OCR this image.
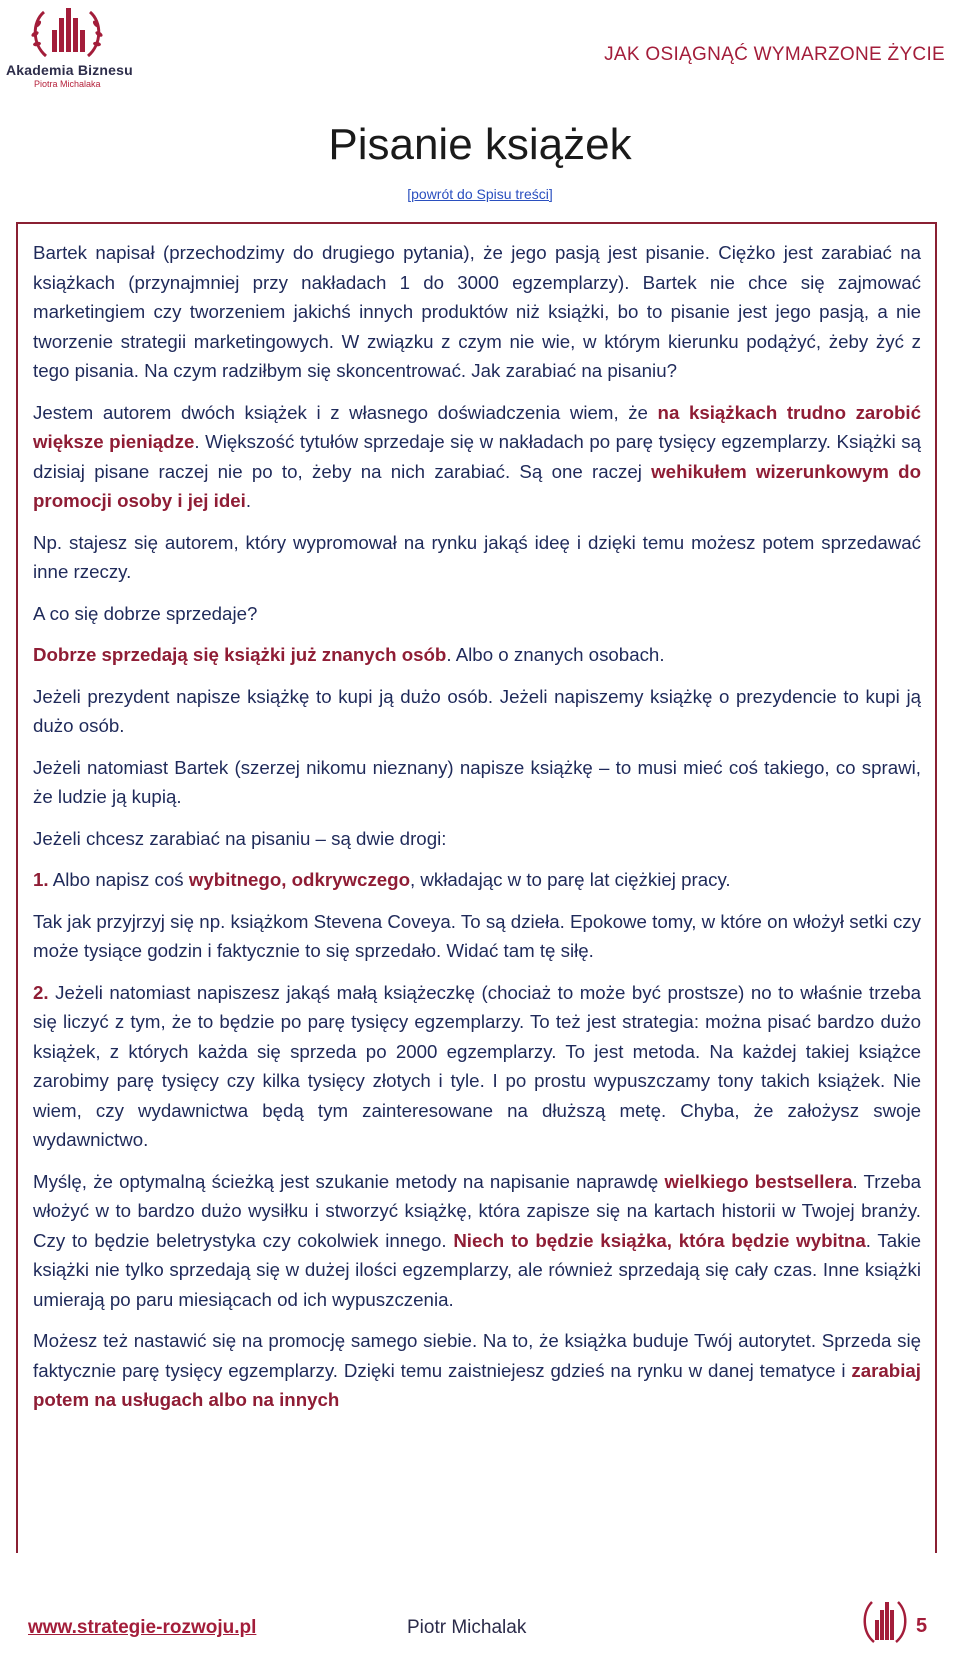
Akademia Biznesu
Piotra Michalaka
JAK OSIĄGNĄĆ WYMARZONE ŻYCIE
Pisanie książek
[powrót do Spisu treści]

Bartek napisał (przechodzimy do drugiego pytania), że jego pasją jest pisanie. Ciężko jest zarabiać na książkach (przynajmniej przy nakładach 1 do 3000 egzemplarzy). Bartek nie chce się zajmować marketingiem czy tworzeniem jakichś innych produktów niż książki, bo to pisanie jest jego pasją, a nie tworzenie strategii marketingowych. W związku z czym nie wie, w którym kierunku podążyć, żeby żyć z tego pisania. Na czym radziłbym się skoncentrować. Jak zarabiać na pisaniu?

Jestem autorem dwóch książek i z własnego doświadczenia wiem, że na książkach trudno zarobić większe pieniądze. Większość tytułów sprzedaje się w nakładach po parę tysięcy egzemplarzy. Książki są dzisiaj pisane raczej nie po to, żeby na nich zarabiać. Są one raczej wehikułem wizerunkowym do promocji osoby i jej idei.

Np. stajesz się autorem, który wypromował na rynku jakąś ideę i dzięki temu możesz potem sprzedawać inne rzeczy.

A co się dobrze sprzedaje?

Dobrze sprzedają się książki już znanych osób. Albo o znanych osobach.

Jeżeli prezydent napisze książkę to kupi ją dużo osób. Jeżeli napiszemy książkę o prezydencie to kupi ją dużo osób.

Jeżeli natomiast Bartek (szerzej nikomu nieznany) napisze książkę – to musi mieć coś takiego, co sprawi, że ludzie ją kupią.

Jeżeli chcesz zarabiać na pisaniu – są dwie drogi:

1. Albo napisz coś wybitnego, odkrywczego, wkładając w to parę lat ciężkiej pracy.

Tak jak przyjrzyj się np. książkom Stevena Coveya. To są dzieła. Epokowe tomy, w które on włożył setki czy może tysiące godzin i faktycznie to się sprzedało. Widać tam tę siłę.

2. Jeżeli natomiast napiszesz jakąś małą książeczkę (chociaż to może być prostsze) no to właśnie trzeba się liczyć z tym, że to będzie po parę tysięcy egzemplarzy. To też jest strategia: można pisać bardzo dużo książek, z których każda się sprzeda po 2000 egzemplarzy. To jest metoda. Na każdej takiej książce zarobimy parę tysięcy czy kilka tysięcy złotych i tyle. I po prostu wypuszczamy tony takich książek. Nie wiem, czy wydawnictwa będą tym zainteresowane na dłuższą metę. Chyba, że założysz swoje wydawnictwo.

Myślę, że optymalną ścieżką jest szukanie metody na napisanie naprawdę wielkiego bestsellera. Trzeba włożyć w to bardzo dużo wysiłku i stworzyć książkę, która zapisze się na kartach historii w Twojej branży. Czy to będzie beletrystyka czy cokolwiek innego. Niech to będzie książka, która będzie wybitna. Takie książki nie tylko sprzedają się w dużej ilości egzemplarzy, ale również sprzedają się cały czas. Inne książki umierają po paru miesiącach od ich wypuszczenia.

Możesz też nastawić się na promocję samego siebie. Na to, że książka buduje Twój autorytet. Sprzeda się faktycznie parę tysięcy egzemplarzy. Dzięki temu zaistniejesz gdzieś na rynku w danej tematyce i zarabiaj potem na usługach albo na innych

www.strategie-rozwoju.pl	Piotr Michalak	5
